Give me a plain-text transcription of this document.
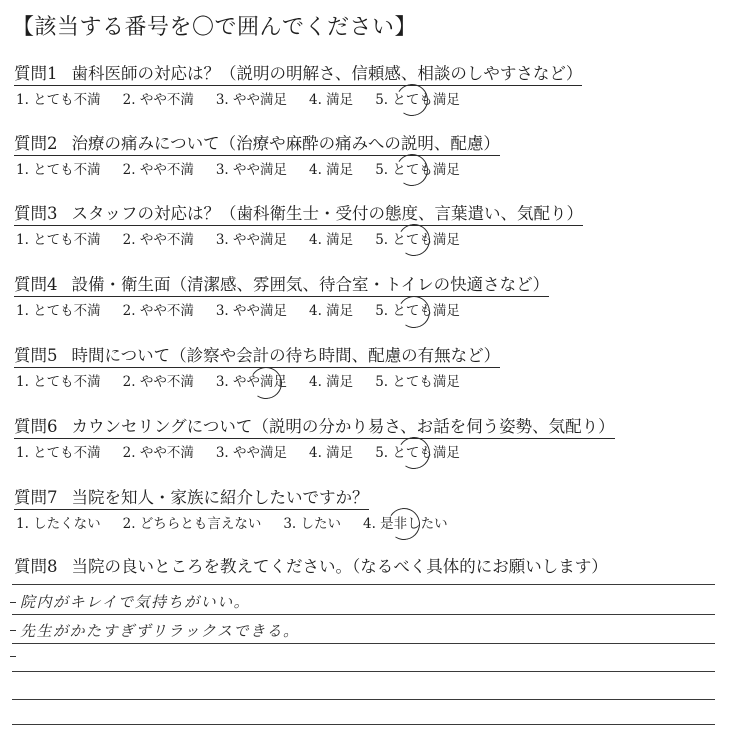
【該当する番号を〇で囲んでください】
質問1 歯科医師の対応は？（説明の明解さ、信頼感、相談のしやすさなど）
1. とても不満 2. やや不満 3. やや満足 4. 満足 5. とても満足
質問2 治療の痛みについて（治療や麻酔の痛みへの説明、配慮）
1. とても不満 2. やや不満 3. やや満足 4. 満足 5. とても満足
質問3 スタッフの対応は？（歯科衛生士・受付の態度、言葉遣い、気配り）
1. とても不満 2. やや不満 3. やや満足 4. 満足 5. とても満足
質問4 設備・衛生面（清潔感、雰囲気、待合室・トイレの快適さなど）
1. とても不満 2. やや不満 3. やや満足 4. 満足 5. とても満足
質問5 時間について（診察や会計の待ち時間、配慮の有無など）
1. とても不満 2. やや不満 3. やや満足 4. 満足 5. とても満足
質問6 カウンセリングについて（説明の分かり易さ、お話を伺う姿勢、気配り）
1. とても不満 2. やや不満 3. やや満足 4. 満足 5. とても満足
質問7 当院を知人・家族に紹介したいですか？
1. したくない 2. どちらとも言えない 3. したい 4. 是非したい
質問8 当院の良いところを教えてください。（なるべく具体的にお願いします）
院内がキレイで気持ちがいい。
先生がかたすぎずリラックスできる。
